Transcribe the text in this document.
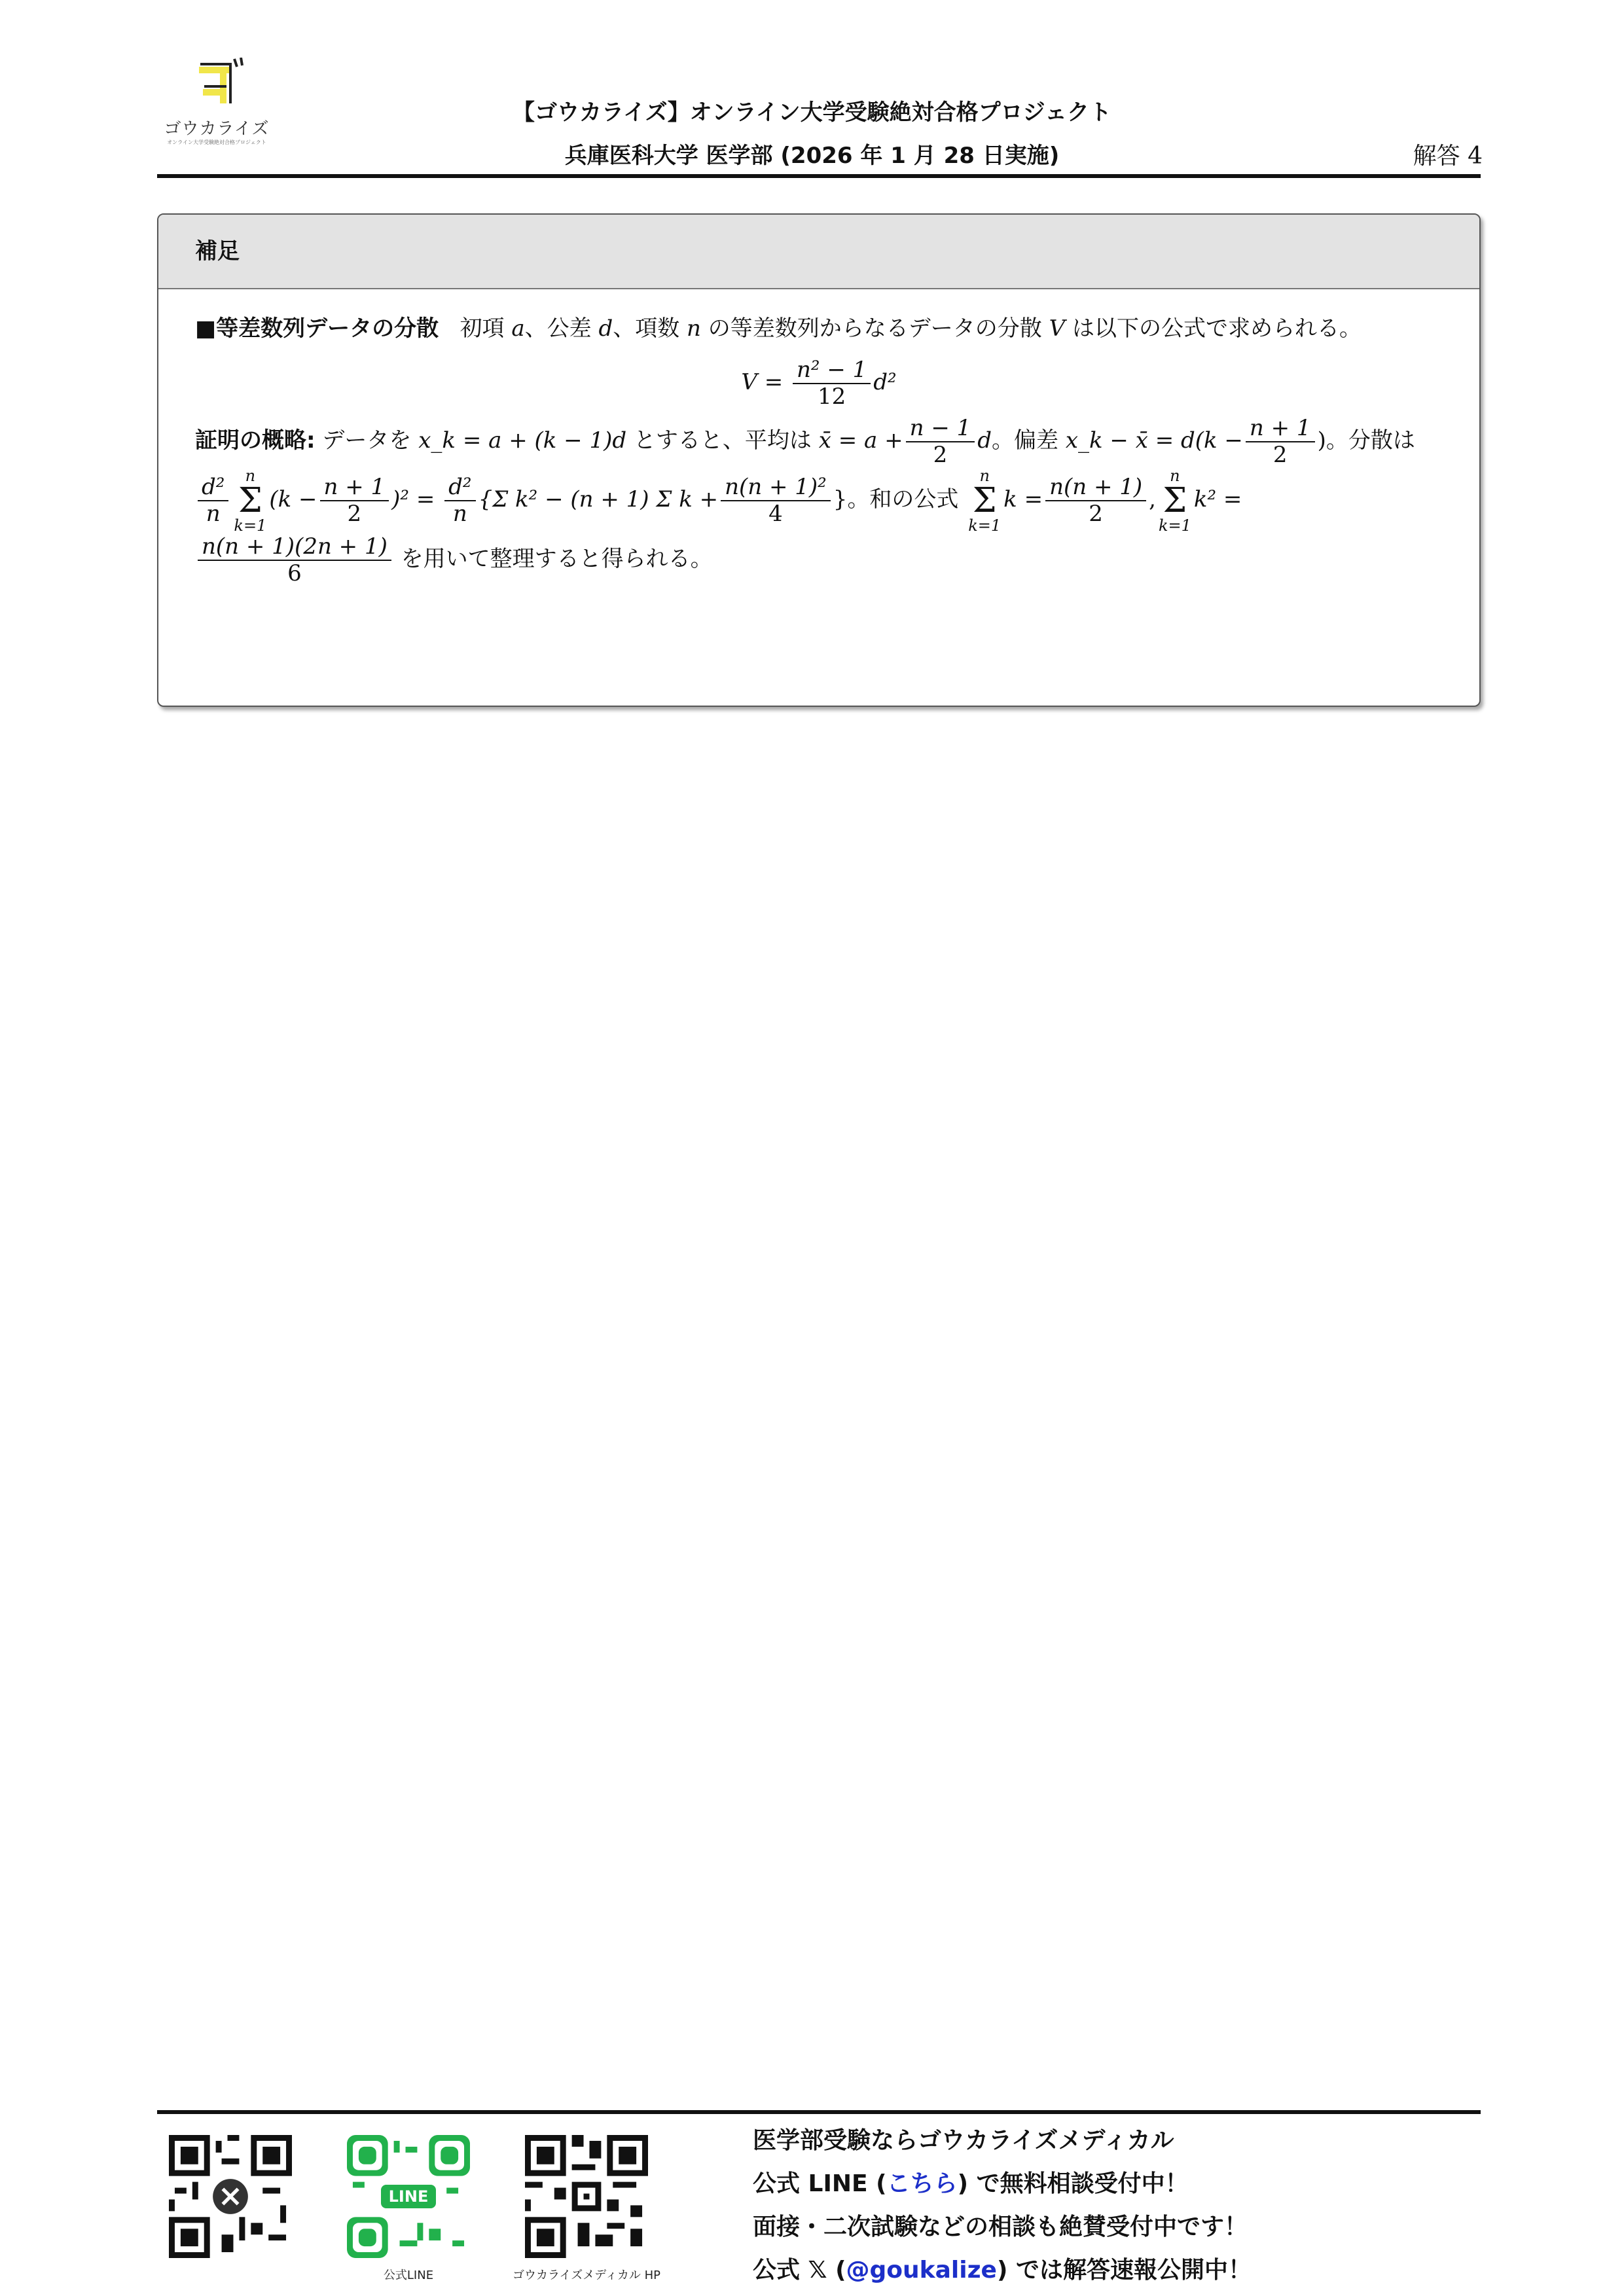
ゴウカライズ
オンライン大学受験絶対合格プロジェクト
【ゴウカライズ】オンライン大学受験絶対合格プロジェクト
兵庫医科大学 医学部 (2026 年 1 月 28 日実施)	解答 4
補足
■等差数列データの分散 初項 a、公差 d、項数 n の等差数列からなるデータの分散 V は以下の公式で求められる。
$V = \frac{\text{n² − 1}}{12} d^2$
証明の概略: データを x_k = a + (k − 1)d とすると、平均は x̄ = $a + \frac{n - 1}{2}$ d。偏差 x_k − x̄ = $d(k - \frac{n + 1}{2}$ )。分散は
$\frac{\text{d²}}{n}$	n
Σ
k=1
$(k - \frac{n + 1}{2} )^2 = \frac{\text{d²}}{n} \{\Sigma$ k² − (n + 1) Σ $k + \frac{\text{n(n + 1)²}}{4}$ }。和の公式
n
Σ
k=1
$k = \frac{n(n + 1)}{2}$ ,
n
Σ
k=1
k² =
$\frac{n(n + 1)(2n + 1)}{6}$ を用いて整理すると得られる。
LINE
公式LINE	ゴウカライズメディカル HP
医学部受験ならゴウカライズメディカル
公式 LINE (こちら) で無料相談受付中！
面接・二次試験などの相談も絶賛受付中です！
公式 𝕏 (@goukalize) では解答速報公開中！
